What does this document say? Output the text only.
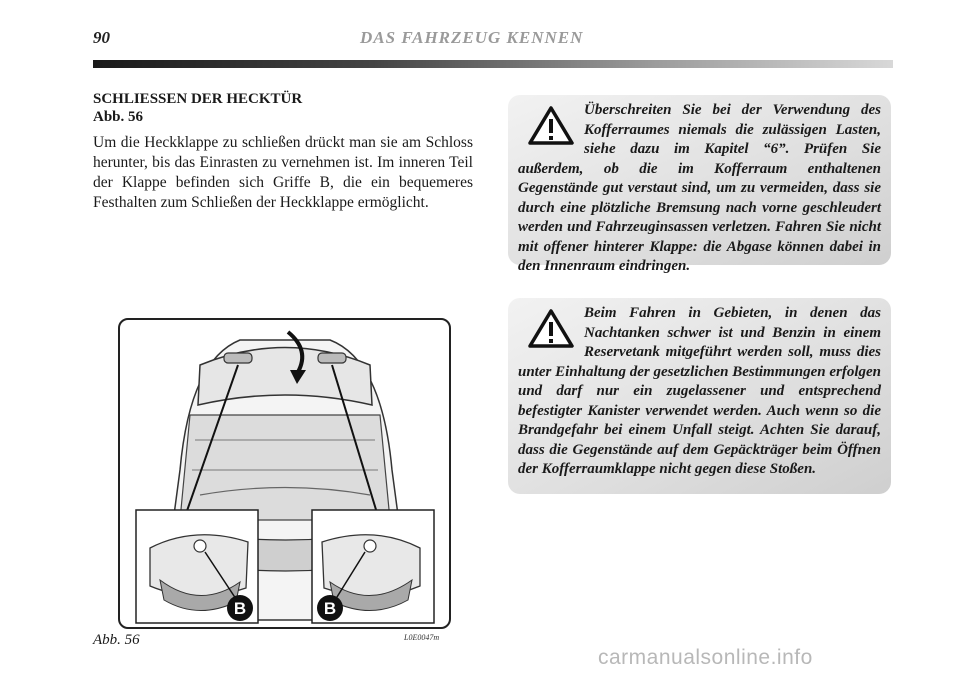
90	DAS FAHRZEUG KENNEN
SCHLIESSEN DER HECKTÜR
Abb. 56
Um die Heckklappe zu schließen drückt man sie am Schloss herunter, bis das Einrasten zu vernehmen ist. Im inneren Teil der Klappe befinden sich Griffe B, die ein bequemeres Festhalten zum Schließen der Heckklappe ermöglicht.
Überschreiten Sie bei der Verwendung des Kofferraumes niemals die zulässigen Lasten, siehe dazu im Kapitel “6”. Prüfen Sie außerdem, ob die im Kofferraum enthaltenen Gegenstände gut verstaut sind, um zu vermeiden, dass sie durch eine plötzliche Bremsung nach vorne geschleudert werden und Fahrzeuginsassen verletzen. Fahren Sie nicht mit offener hinterer Klappe: die Abgase können dabei in den Innenraum eindringen.
Beim Fahren in Gebieten, in denen das Nachtanken schwer ist und Benzin in einem Reservetank mitgeführt werden soll, muss dies unter Einhaltung der gesetzlichen Bestimmungen erfolgen und darf nur ein zugelassener und entsprechend befestigter Kanister verwendet werden. Auch wenn so die Brandgefahr bei einem Unfall steigt. Achten Sie darauf, dass die Gegenstände auf dem Gepäckträger beim Öffnen der Kofferraumklappe nicht gegen diese Stoßen.
B	B
Abb. 56	L0E0047m
carmanualsonline.info
